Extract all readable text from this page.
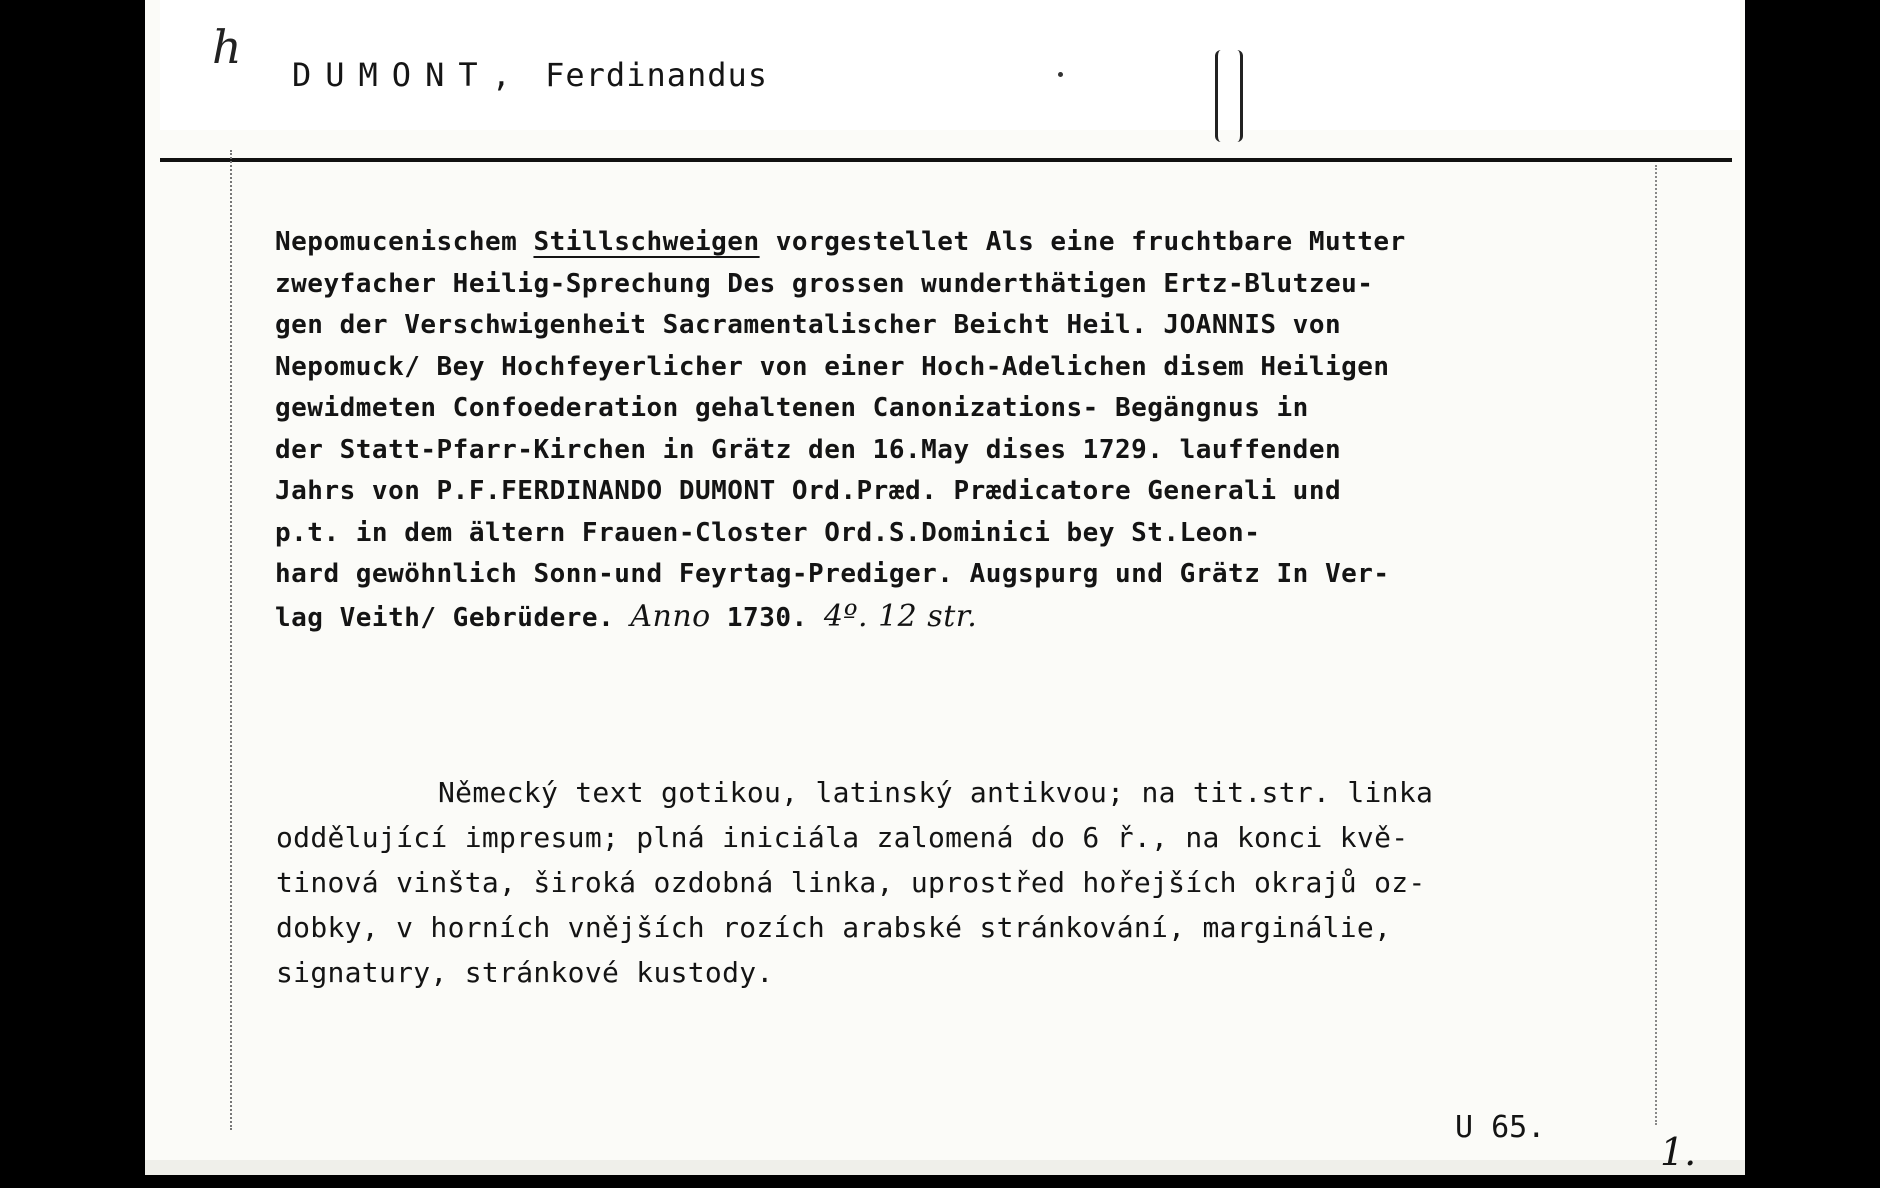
h
DUMONT, Ferdinandus
Nepomucenischem Stillschweigen vorgestellet Als eine fruchtbare Mutter
zweyfacher Heilig-Sprechung Des grossen wunderthätigen Ertz-Blutzeu-
gen der Verschwigenheit Sacramentalischer Beicht Heil. JOANNIS von
Nepomuck/ Bey Hochfeyerlicher von einer Hoch-Adelichen disem Heiligen
gewidmeten Confoederation gehaltenen Canonizations- Begängnus in
der Statt-Pfarr-Kirchen in Grätz den 16.May dises 1729. lauffenden
Jahrs von P.F.FERDINANDO DUMONT Ord.Præd. Prædicatore Generali und
p.t. in dem ältern Frauen-Closter Ord.S.Dominici bey St.Leon-
hard gewöhnlich Sonn-und Feyrtag-Prediger. Augspurg und Grätz In Ver-
lag Veith/ Gebrüdere. Anno 1730. 4º. 12 str.
Německý text gotikou, latinský antikvou; na tit.str. linka
oddělující impresum; plná iniciála zalomená do 6 ř., na konci kvě-
tinová vinšta, široká ozdobná linka, uprostřed hořejších okrajů oz-
dobky, v horních vnějších rozích arabské stránkování, marginálie,
signatury, stránkové kustody.
U 65.
1.
